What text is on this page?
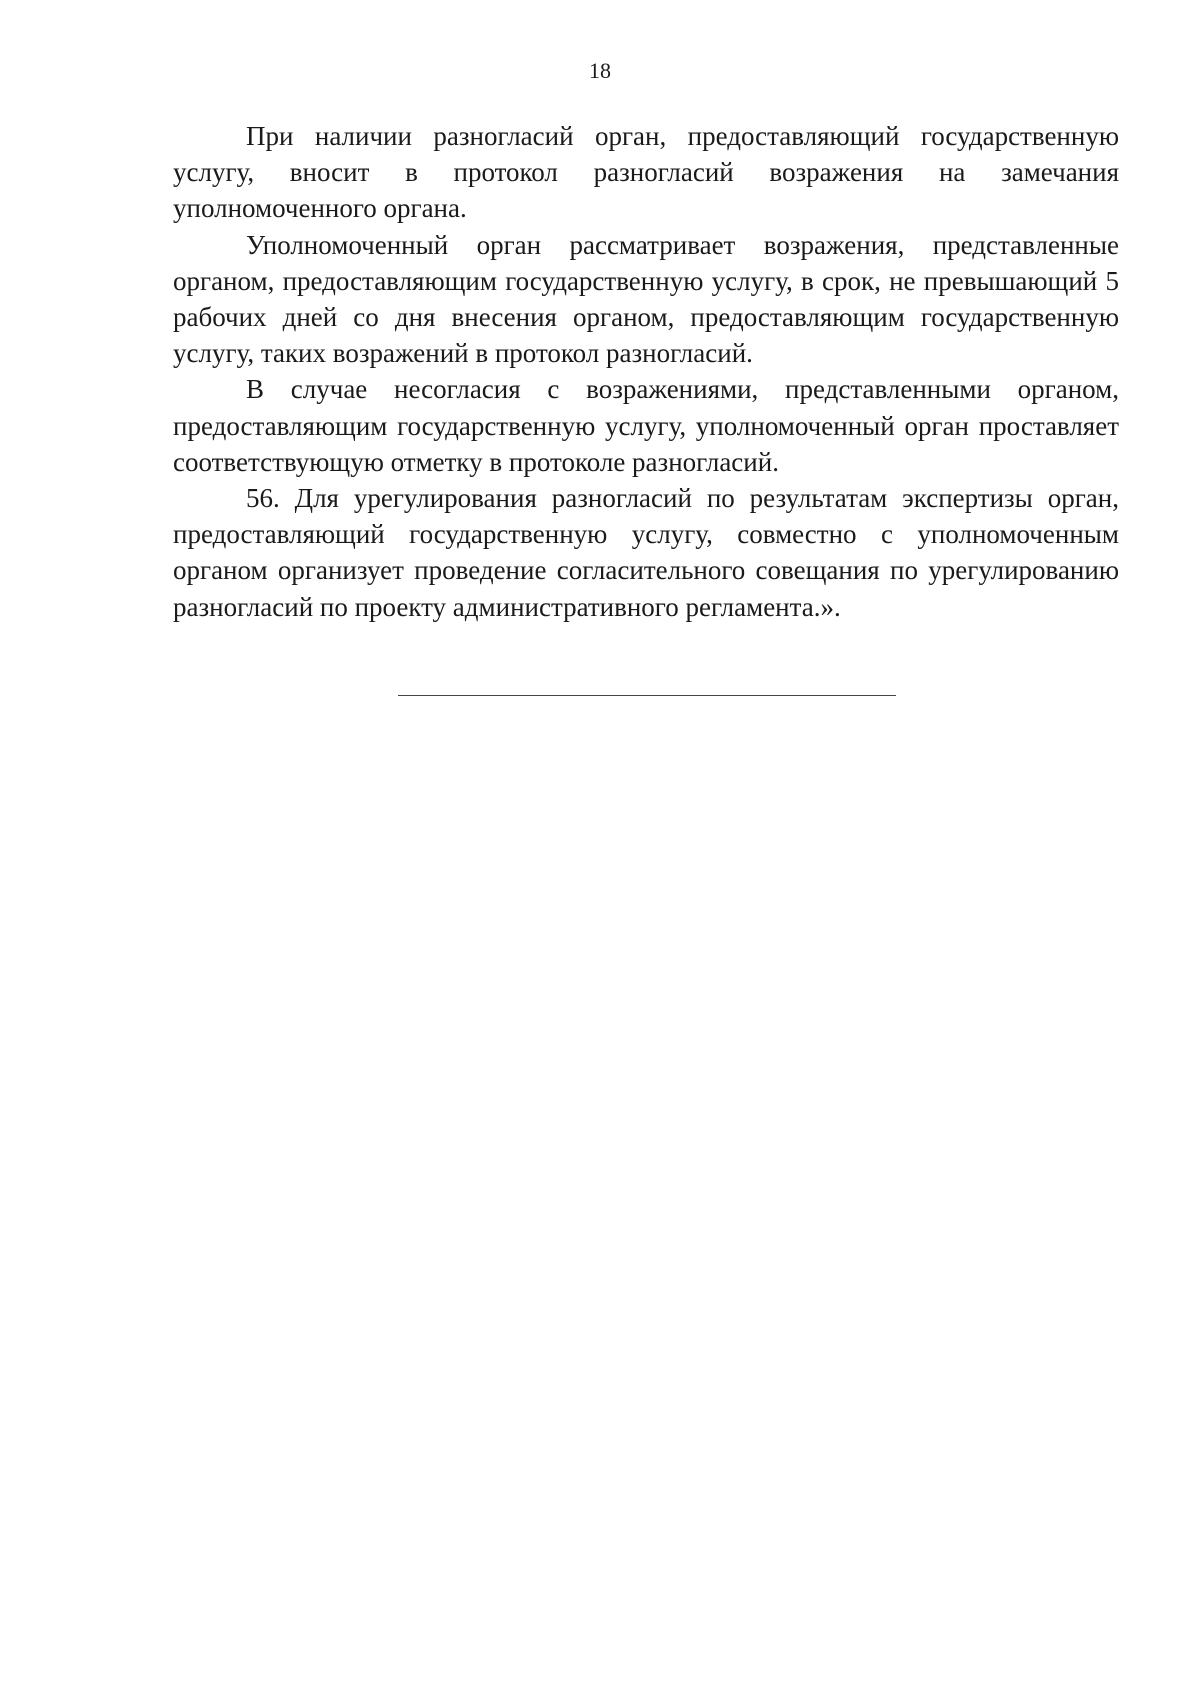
18

При наличии разногласий орган, предоставляющий государственную услугу, вносит в протокол разногласий возражения на замечания уполномоченного органа.

Уполномоченный орган рассматривает возражения, представленные органом, предоставляющим государственную услугу, в срок, не превышающий 5 рабочих дней со дня внесения органом, предоставляющим государственную услугу, таких возражений в протокол разногласий.

В случае несогласия с возражениями, представленными органом, предоставляющим государственную услугу, уполномоченный орган проставляет соответствующую отметку в протоколе разногласий.

56. Для урегулирования разногласий по результатам экспертизы орган, предоставляющий государственную услугу, совместно с уполномоченным органом организует проведение согласительного совещания по урегулированию разногласий по проекту административного регламента.».
